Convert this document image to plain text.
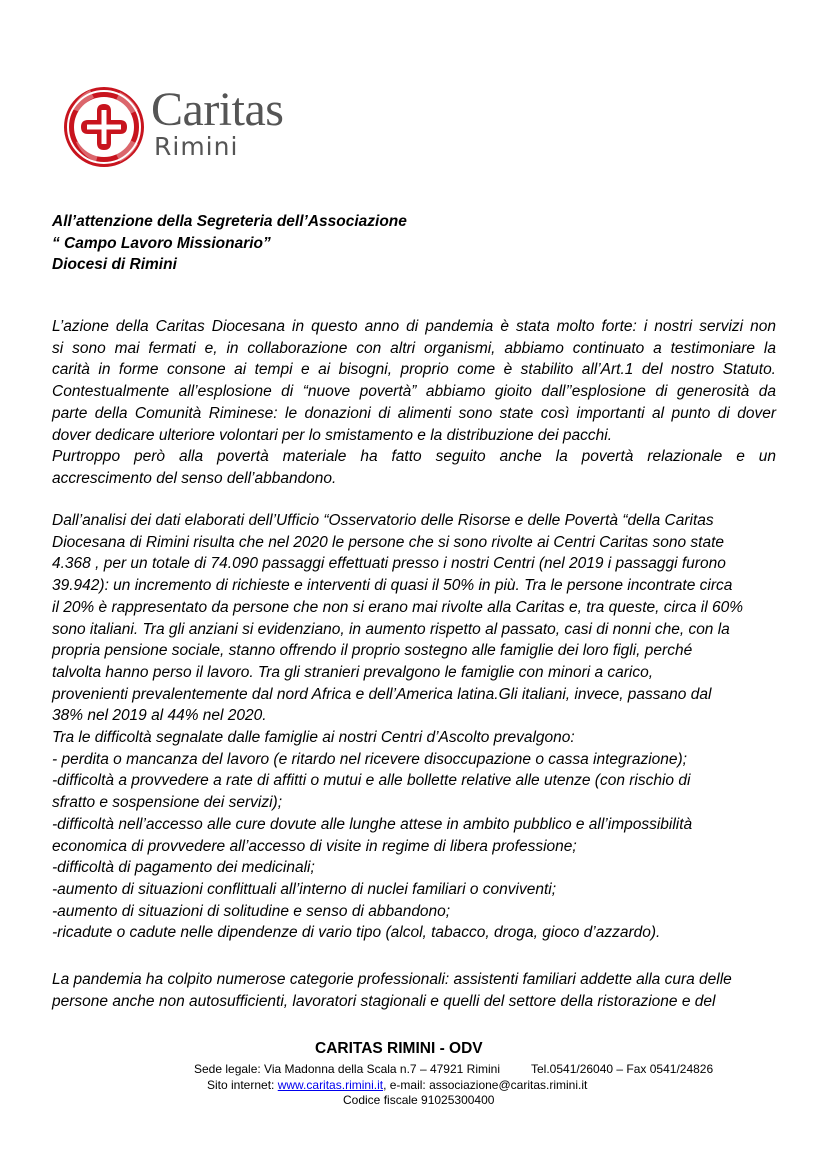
Caritas
Rimini
All’attenzione della Segreteria dell’Associazione
“ Campo Lavoro Missionario”
Diocesi di Rimini
L’azione della Caritas Diocesana in questo anno di pandemia è stata molto forte: i nostri servizi non
si sono mai fermati e, in collaborazione con altri organismi, abbiamo continuato a testimoniare la
carità in forme consone ai tempi e ai bisogni, proprio come è stabilito all’Art.1 del nostro Statuto.
Contestualmente all’esplosione di “nuove povertà” abbiamo gioito dall’’esplosione di generosità da
parte della Comunità Riminese: le donazioni di alimenti sono state così importanti al punto di dover
dover dedicare ulteriore volontari per lo smistamento e la distribuzione dei pacchi.
Purtroppo però alla povertà materiale ha fatto seguito anche la povertà relazionale e un
accrescimento del senso dell’abbandono.
Dall’analisi dei dati elaborati dell’Ufficio “Osservatorio delle Risorse e delle Povertà “della Caritas
Diocesana di Rimini risulta che nel 2020 le persone che si sono rivolte ai Centri Caritas sono state
4.368 , per un totale di 74.090 passaggi effettuati presso i nostri Centri (nel 2019 i passaggi furono
39.942): un incremento di richieste e interventi di quasi il 50% in più. Tra le persone incontrate circa
il 20% è rappresentato da persone che non si erano mai rivolte alla Caritas e, tra queste, circa il 60%
sono italiani. Tra gli anziani si evidenziano, in aumento rispetto al passato, casi di nonni che, con la
propria pensione sociale, stanno offrendo il proprio sostegno alle famiglie dei loro figli, perché
talvolta hanno perso il lavoro. Tra gli stranieri prevalgono le famiglie con minori a carico,
provenienti prevalentemente dal nord Africa e dell’America latina.Gli italiani, invece, passano dal
38% nel 2019 al 44% nel 2020.
Tra le difficoltà segnalate dalle famiglie ai nostri Centri d’Ascolto prevalgono:
- perdita o mancanza del lavoro (e ritardo nel ricevere disoccupazione o cassa integrazione);
-difficoltà a provvedere a rate di affitti o mutui e alle bollette relative alle utenze (con rischio di
sfratto e sospensione dei servizi);
-difficoltà nell’accesso alle cure dovute alle lunghe attese in ambito pubblico e all’impossibilità
economica di provvedere all’accesso di visite in regime di libera professione;
-difficoltà di pagamento dei medicinali;
-aumento di situazioni conflittuali all’interno di nuclei familiari o conviventi;
-aumento di situazioni di solitudine e senso di abbandono;
-ricadute o cadute nelle dipendenze di vario tipo (alcol, tabacco, droga, gioco d’azzardo).
La pandemia ha colpito numerose categorie professionali: assistenti familiari addette alla cura delle
persone anche non autosufficienti, lavoratori stagionali e quelli del settore della ristorazione e del
CARITAS RIMINI - ODV
Sede legale: Via Madonna della Scala n.7 – 47921 Rimini	Tel.0541/26040 – Fax 0541/24826
Sito internet: www.caritas.rimini.it, e-mail: associazione@caritas.rimini.it
Codice fiscale 91025300400
